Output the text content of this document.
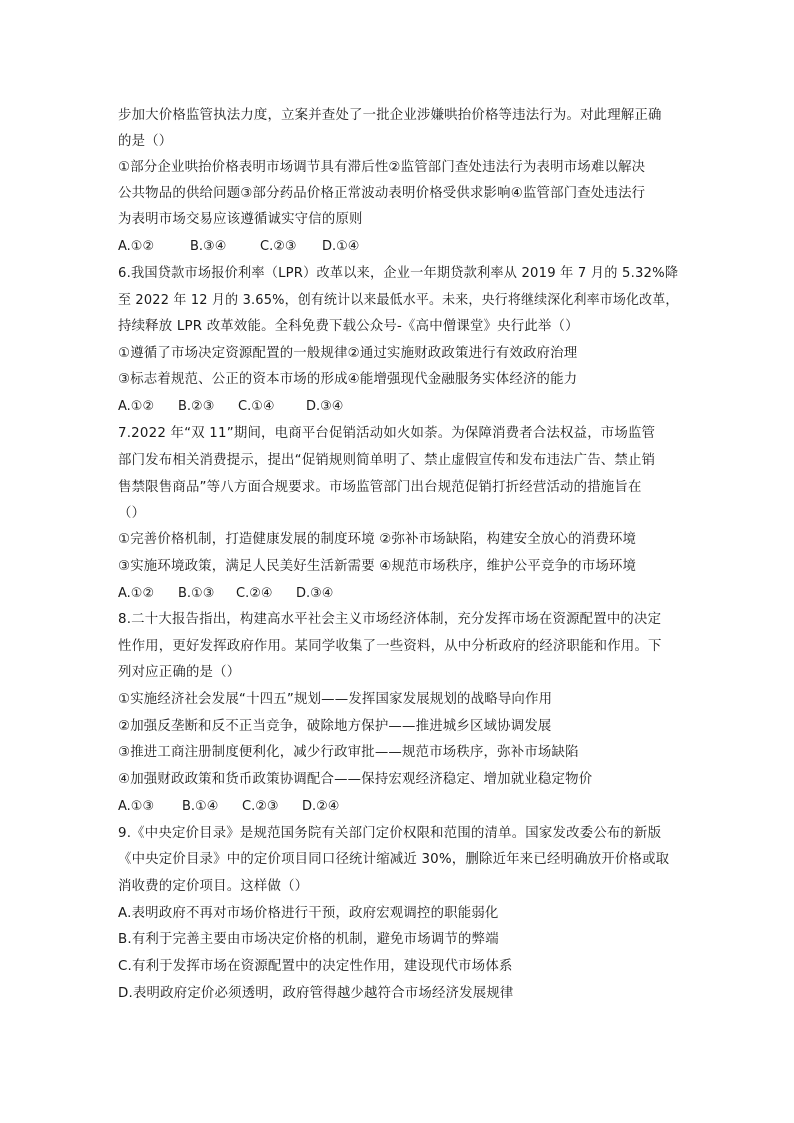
步加大价格监管执法力度，立案并查处了一批企业涉嫌哄抬价格等违法行为。对此理解正确
的是（）
①部分企业哄抬价格表明市场调节具有滞后性②监管部门查处违法行为表明市场难以解决
公共物品的供给问题③部分药品价格正常波动表明价格受供求影响④监管部门查处违法行
为表明市场交易应该遵循诚实守信的原则
A.①②	B.③④	C.②③ D.①④
6.我国贷款市场报价利率（LPR）改革以来，企业一年期贷款利率从 2019 年 7 月的 5.32%降
至 2022 年 12 月的 3.65%，创有统计以来最低水平。未来，央行将继续深化利率市场化改革，
持续释放 LPR 改革效能。全科免费下载公众号-《高中僧课堂》央行此举（）
①遵循了市场决定资源配置的一般规律②通过实施财政政策进行有效政府治理
③标志着规范、公正的资本市场的形成④能增强现代金融服务实体经济的能力
A.①② B.②③ C.①④ D.③④
7.2022 年“双 11”期间，电商平台促销活动如火如荼。为保障消费者合法权益，市场监管
部门发布相关消费提示，提出“促销规则简单明了、禁止虚假宣传和发布违法广告、禁止销
售禁限售商品”等八方面合规要求。市场监管部门出台规范促销打折经营活动的措施旨在
（）
①完善价格机制，打造健康发展的制度环境 ②弥补市场缺陷，构建安全放心的消费环境
③实施环境政策，满足人民美好生活新需要 ④规范市场秩序，维护公平竞争的市场环境
A.①② B.①③ C.②④ D.③④
8.二十大报告指出，构建高水平社会主义市场经济体制，充分发挥市场在资源配置中的决定
性作用，更好发挥政府作用。某同学收集了一些资料，从中分析政府的经济职能和作用。下
列对应正确的是（）
①实施经济社会发展“十四五”规划——发挥国家发展规划的战略导向作用
②加强反垄断和反不正当竞争，破除地方保护——推进城乡区域协调发展
③推进工商注册制度便利化，减少行政审批——规范市场秩序，弥补市场缺陷
④加强财政政策和货币政策协调配合——保持宏观经济稳定、增加就业稳定物价
A.①③ B.①④ C.②③ D.②④
9.《中央定价目录》是规范国务院有关部门定价权限和范围的清单。国家发改委公布的新版
《中央定价目录》中的定价项目同口径统计缩减近 30%，删除近年来已经明确放开价格或取
消收费的定价项目。这样做（）
A.表明政府不再对市场价格进行干预，政府宏观调控的职能弱化
B.有利于完善主要由市场决定价格的机制，避免市场调节的弊端
C.有利于发挥市场在资源配置中的决定性作用，建设现代市场体系
D.表明政府定价必须透明，政府管得越少越符合市场经济发展规律
